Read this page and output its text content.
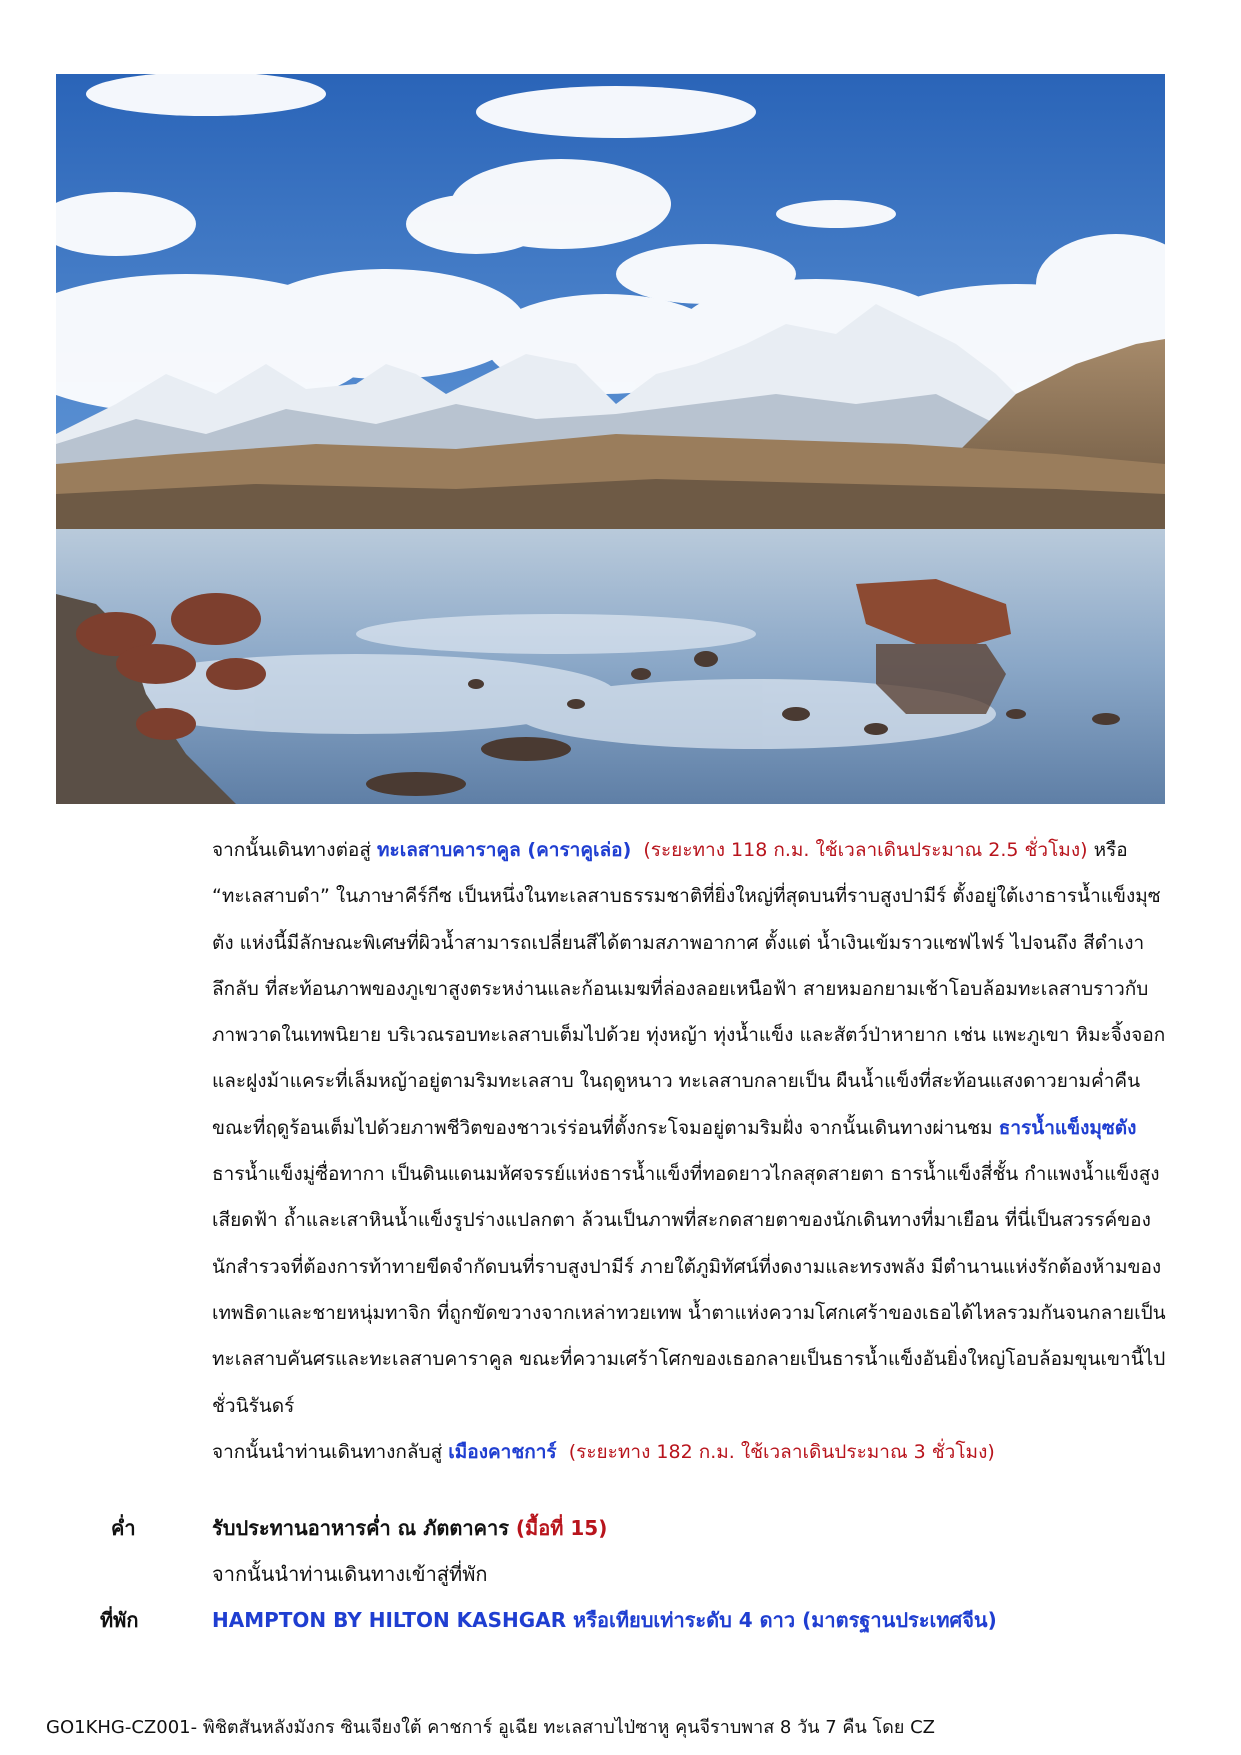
จากนั้นเดินทางต่อสู่ ทะเลสาบคาราคูล (คาราคูเล่อ) (ระยะทาง 118 ก.ม. ใช้เวลาเดินประมาณ 2.5 ชั่วโมง) หรือ “ทะเลสาบดำ” ในภาษาคีร์กีซ เป็นหนึ่งในทะเลสาบธรรมชาติที่ยิ่งใหญ่ที่สุดบนที่ราบสูงปามีร์ ตั้งอยู่ใต้เงาธารน้ำแข็งมุซตัง แห่งนี้มีลักษณะพิเศษที่ผิวน้ำสามารถเปลี่ยนสีได้ตามสภาพอากาศ ตั้งแต่ น้ำเงินเข้มราวแซฟไฟร์ ไปจนถึง สีดำเงาลึกลับ ที่สะท้อนภาพของภูเขาสูงตระหง่านและก้อนเมฆที่ล่องลอยเหนือฟ้า สายหมอกยามเช้าโอบล้อมทะเลสาบราวกับภาพวาดในเทพนิยาย บริเวณรอบทะเลสาบเต็มไปด้วย ทุ่งหญ้า ทุ่งน้ำแข็ง และสัตว์ป่าหายาก เช่น แพะภูเขา หิมะจิ้งจอก และฝูงม้าแคระที่เล็มหญ้าอยู่ตามริมทะเลสาบ ในฤดูหนาว ทะเลสาบกลายเป็น ผืนน้ำแข็งที่สะท้อนแสงดาวยามค่ำคืน ขณะที่ฤดูร้อนเต็มไปด้วยภาพชีวิตของชาวเร่ร่อนที่ตั้งกระโจมอยู่ตามริมฝั่ง จากนั้นเดินทางผ่านชม ธารน้ำแข็งมุซตัง ธารน้ำแข็งมู่ซื่อทากา เป็นดินแดนมหัศจรรย์แห่งธารน้ำแข็งที่ทอดยาวไกลสุดสายตา ธารน้ำแข็งสี่ชั้น กำแพงน้ำแข็งสูงเสียดฟ้า ถ้ำและเสาหินน้ำแข็งรูปร่างแปลกตา ล้วนเป็นภาพที่สะกดสายตาของนักเดินทางที่มาเยือน ที่นี่เป็นสวรรค์ของนักสำรวจที่ต้องการท้าทายขีดจำกัดบนที่ราบสูงปามีร์ ภายใต้ภูมิทัศน์ที่งดงามและทรงพลัง มีตำนานแห่งรักต้องห้ามของเทพธิดาและชายหนุ่มทาจิก ที่ถูกขัดขวางจากเหล่าทวยเทพ น้ำตาแห่งความโศกเศร้าของเธอได้ไหลรวมกันจนกลายเป็น ทะเลสาบคันศรและทะเลสาบคาราคูล ขณะที่ความเศร้าโศกของเธอกลายเป็นธารน้ำแข็งอันยิ่งใหญ่โอบล้อมขุนเขานี้ไปชั่วนิรันดร์

จากนั้นนำท่านเดินทางกลับสู่ เมืองคาชการ์ (ระยะทาง 182 ก.ม. ใช้เวลาเดินประมาณ 3 ชั่วโมง)

ค่ำ	รับประทานอาหารค่ำ ณ ภัตตาคาร (มื้อที่ 15)
จากนั้นนำท่านเดินทางเข้าสู่ที่พัก
ที่พัก	HAMPTON BY HILTON KASHGAR หรือเทียบเท่าระดับ 4 ดาว (มาตรฐานประเทศจีน)
GO1KHG-CZ001- พิชิตสันหลังมังกร ซินเจียงใต้ คาชการ์ อูเฉีย ทะเลสาบไป่ซาหู คุนจีราบพาส 8 วัน 7 คืน โดย CZ
